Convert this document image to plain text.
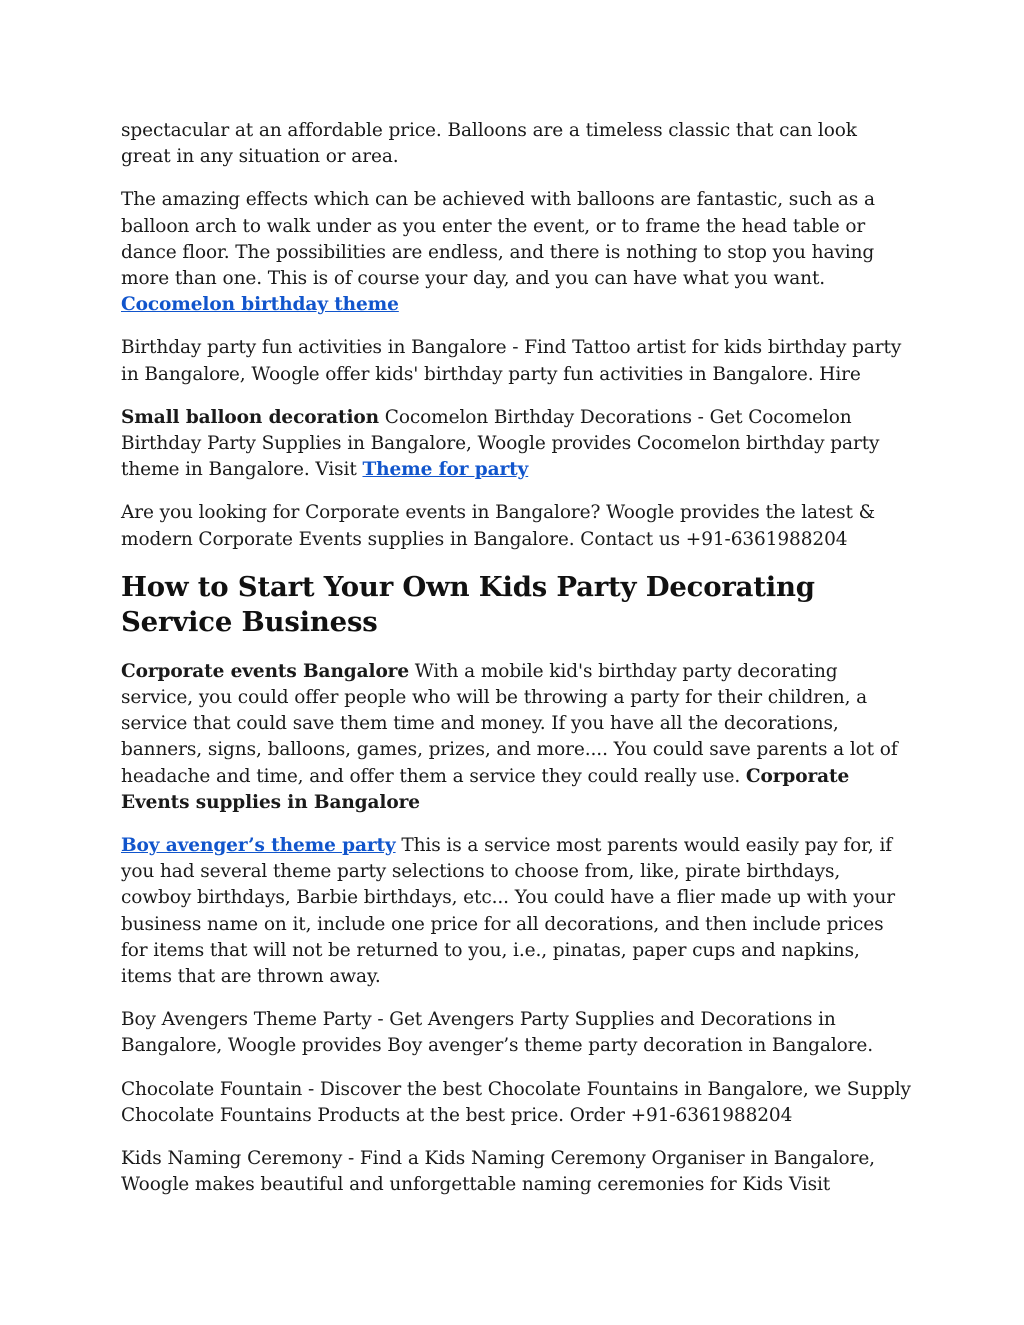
spectacular at an affordable price. Balloons are a timeless classic that can look great in any situation or area.

The amazing effects which can be achieved with balloons are fantastic, such as a balloon arch to walk under as you enter the event, or to frame the head table or dance floor. The possibilities are endless, and there is nothing to stop you having more than one. This is of course your day, and you can have what you want. Cocomelon birthday theme

Birthday party fun activities in Bangalore - Find Tattoo artist for kids birthday party in Bangalore, Woogle offer kids' birthday party fun activities in Bangalore. Hire

Small balloon decoration Cocomelon Birthday Decorations - Get Cocomelon Birthday Party Supplies in Bangalore, Woogle provides Cocomelon birthday party theme in Bangalore. Visit Theme for party

Are you looking for Corporate events in Bangalore? Woogle provides the latest & modern Corporate Events supplies in Bangalore. Contact us +91-6361988204

How to Start Your Own Kids Party Decorating Service Business

Corporate events Bangalore With a mobile kid's birthday party decorating service, you could offer people who will be throwing a party for their children, a service that could save them time and money. If you have all the decorations, banners, signs, balloons, games, prizes, and more.... You could save parents a lot of headache and time, and offer them a service they could really use. Corporate Events supplies in Bangalore

Boy avenger’s theme party This is a service most parents would easily pay for, if you had several theme party selections to choose from, like, pirate birthdays, cowboy birthdays, Barbie birthdays, etc... You could have a flier made up with your business name on it, include one price for all decorations, and then include prices for items that will not be returned to you, i.e., pinatas, paper cups and napkins, items that are thrown away.

Boy Avengers Theme Party - Get Avengers Party Supplies and Decorations in Bangalore, Woogle provides Boy avenger’s theme party decoration in Bangalore.

Chocolate Fountain - Discover the best Chocolate Fountains in Bangalore, we Supply Chocolate Fountains Products at the best price. Order +91-6361988204

Kids Naming Ceremony - Find a Kids Naming Ceremony Organiser in Bangalore, Woogle makes beautiful and unforgettable naming ceremonies for Kids Visit
